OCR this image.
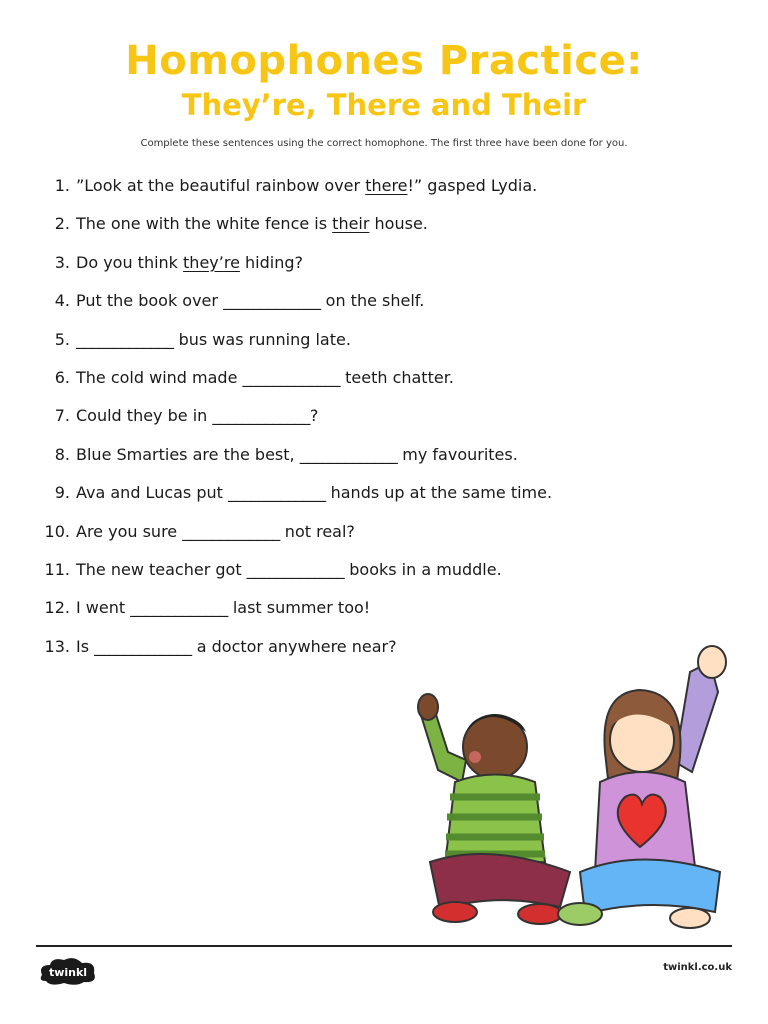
Homophones Practice:
They’re, There and Their
Complete these sentences using the correct homophone. The first three have been done for you.
1. ”Look at the beautiful rainbow over there!” gasped Lydia.
2. The one with the white fence is their house.
3. Do you think they’re hiding?
4. Put the book over _____________ on the shelf.
5. _____________ bus was running late.
6. The cold wind made _____________ teeth chatter.
7. Could they be in _____________?
8. Blue Smarties are the best, _____________ my favourites.
9. Ava and Lucas put _____________ hands up at the same time.
10. Are you sure _____________ not real?
11. The new teacher got _____________ books in a muddle.
12. I went _____________ last summer too!
13.Is _____________ a doctor anywhere near?
twinkl	twinkl.co.uk
